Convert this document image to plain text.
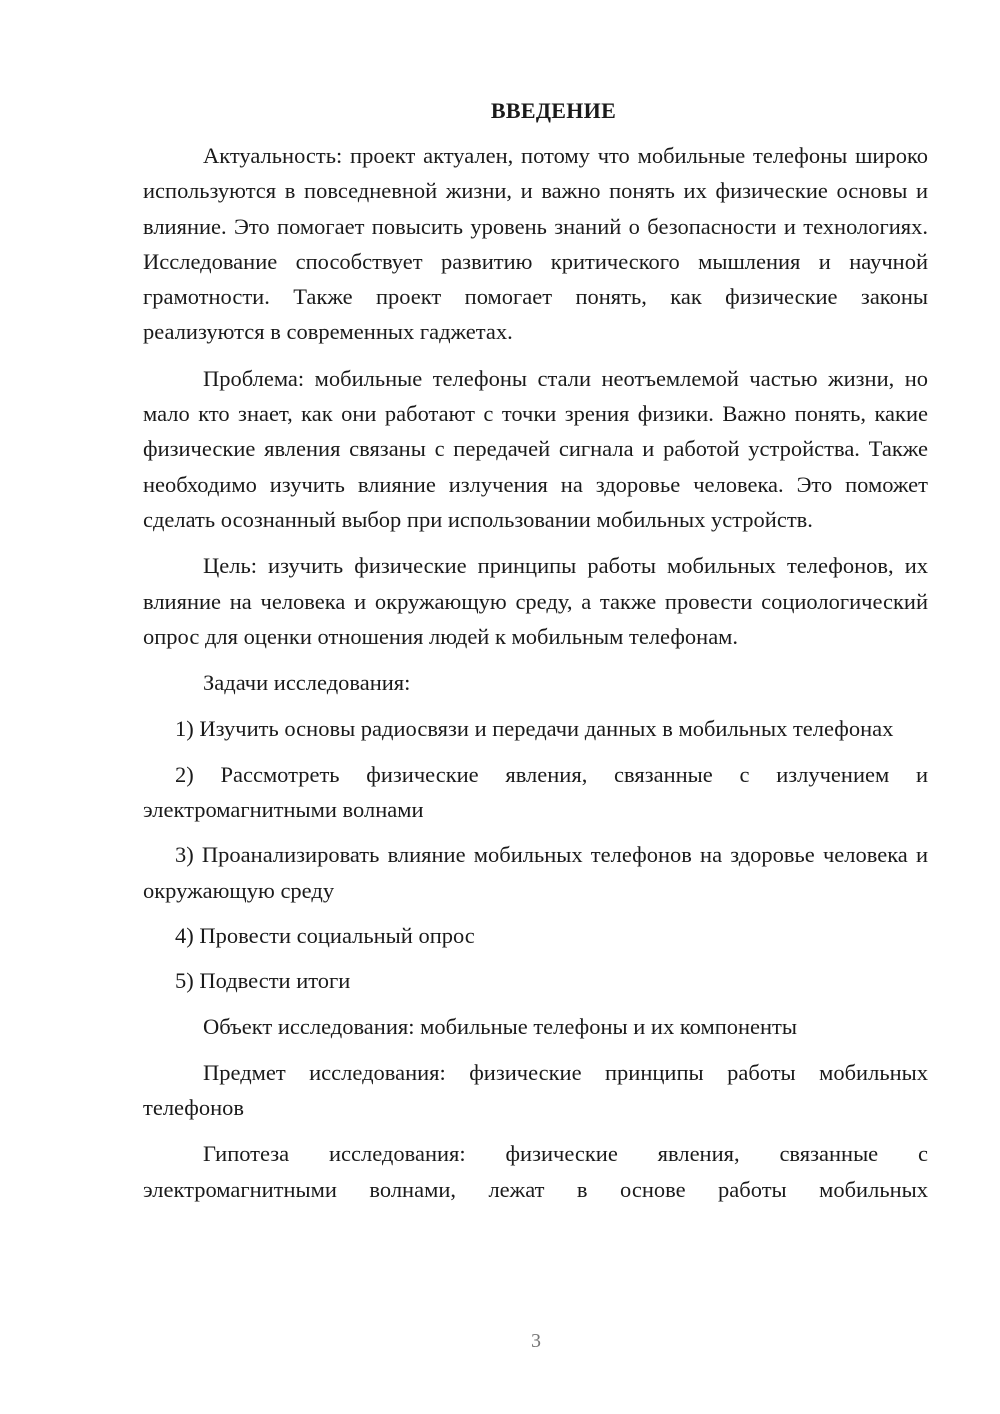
ВВЕДЕНИЕ

Актуальность: проект актуален, потому что мобильные телефоны широко используются в повседневной жизни, и важно понять их физические основы и влияние. Это помогает повысить уровень знаний о безопасности и технологиях. Исследование способствует развитию критического мышления и научной грамотности. Также проект помогает понять, как физические законы реализуются в современных гаджетах.

Проблема: мобильные телефоны стали неотъемлемой частью жизни, но мало кто знает, как они работают с точки зрения физики. Важно понять, какие физические явления связаны с передачей сигнала и работой устройства. Также необходимо изучить влияние излучения на здоровье человека. Это поможет сделать осознанный выбор при использовании мобильных устройств.

Цель: изучить физические принципы работы мобильных телефонов, их влияние на человека и окружающую среду, а также провести социологический опрос для оценки отношения людей к мобильным телефонам.

Задачи исследования:

1) Изучить основы радиосвязи и передачи данных в мобильных телефонах

2) Рассмотреть физические явления, связанные с излучением и электромагнитными волнами

3) Проанализировать влияние мобильных телефонов на здоровье человека и окружающую среду

4) Провести социальный опрос

5) Подвести итоги

Объект исследования: мобильные телефоны и их компоненты

Предмет исследования: физические принципы работы мобильных телефонов

Гипотеза исследования: физические явления, связанные с электромагнитными волнами, лежат в основе работы мобильных

3
